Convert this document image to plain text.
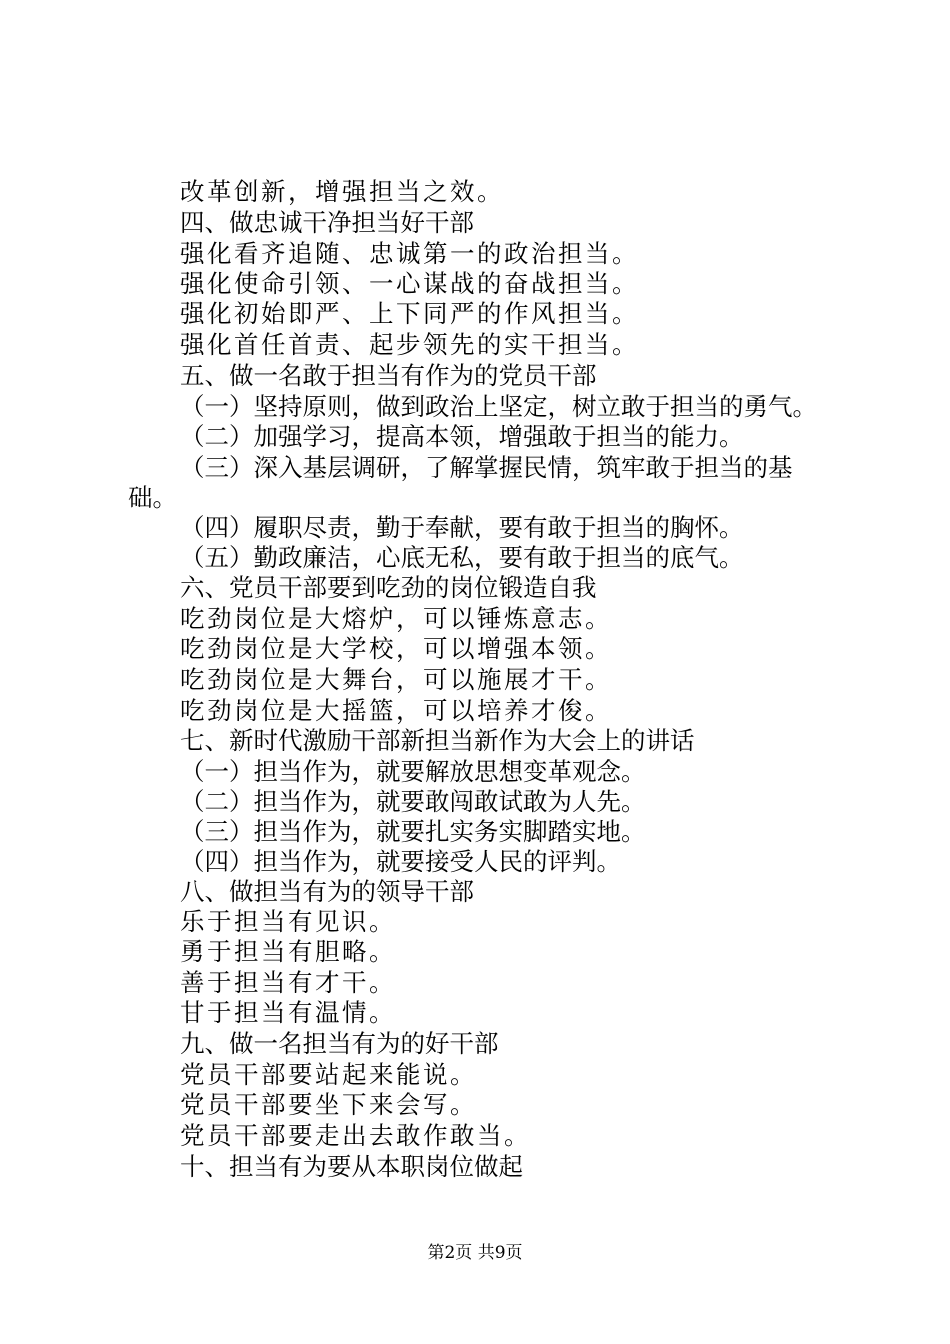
改革创新，增强担当之效。
四、做忠诚干净担当好干部
强化看齐追随、忠诚第一的政治担当。
强化使命引领、一心谋战的奋战担当。
强化初始即严、上下同严的作风担当。
强化首任首责、起步领先的实干担当。
五、做一名敢于担当有作为的党员干部
（一）坚持原则，做到政治上坚定，树立敢于担当的勇气。
（二）加强学习，提高本领，增强敢于担当的能力。
（三）深入基层调研，了解掌握民情，筑牢敢于担当的基
础。
（四）履职尽责，勤于奉献，要有敢于担当的胸怀。
（五）勤政廉洁，心底无私，要有敢于担当的底气。
六、党员干部要到吃劲的岗位锻造自我
吃劲岗位是大熔炉，可以锤炼意志。
吃劲岗位是大学校，可以增强本领。
吃劲岗位是大舞台，可以施展才干。
吃劲岗位是大摇篮，可以培养才俊。
七、新时代激励干部新担当新作为大会上的讲话
（一）担当作为，就要解放思想变革观念。
（二）担当作为，就要敢闯敢试敢为人先。
（三）担当作为，就要扎实务实脚踏实地。
（四）担当作为，就要接受人民的评判。
八、做担当有为的领导干部
乐于担当有见识。
勇于担当有胆略。
善于担当有才干。
甘于担当有温情。
九、做一名担当有为的好干部
党员干部要站起来能说。
党员干部要坐下来会写。
党员干部要走出去敢作敢当。
十、担当有为要从本职岗位做起
第2页 共9页
